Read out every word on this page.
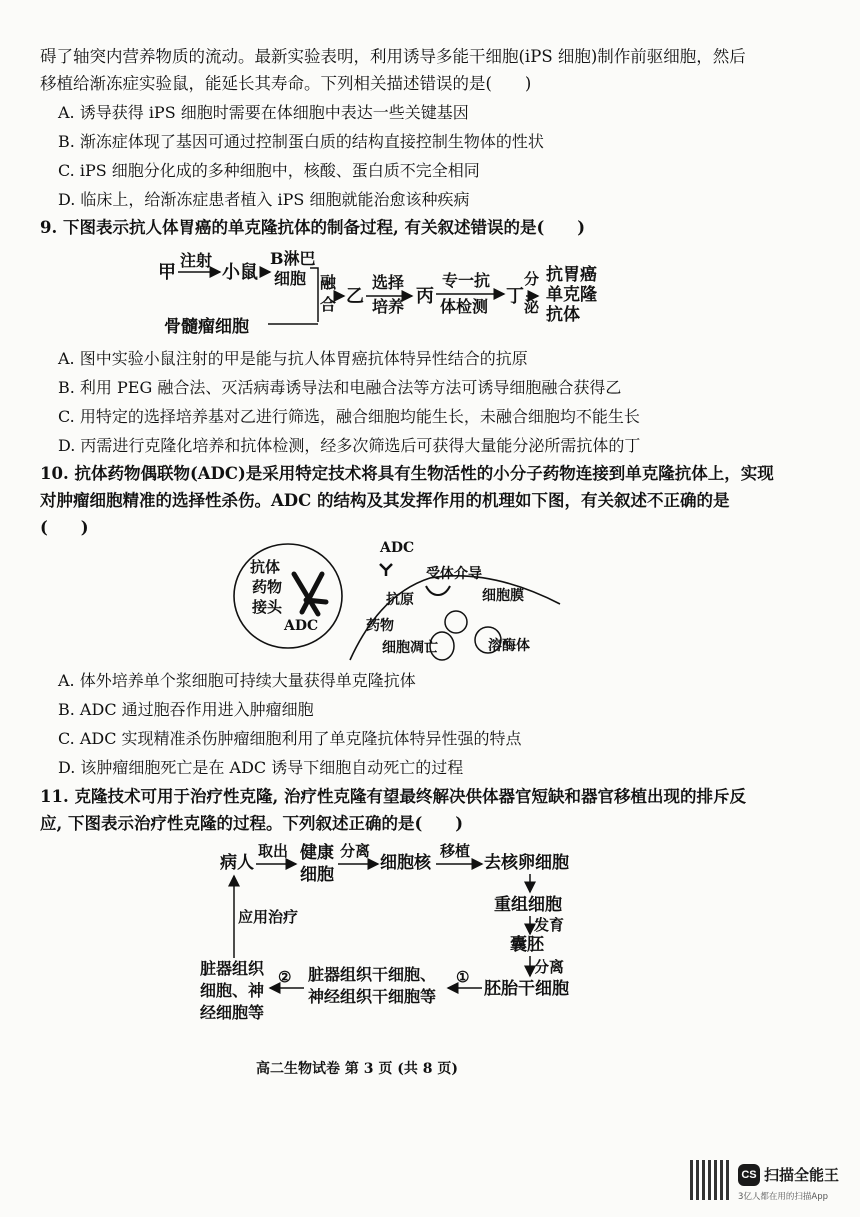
碍了轴突内营养物质的流动。最新实验表明，利用诱导多能干细胞(iPS 细胞)制作前驱细胞，然后
移植给渐冻症实验鼠，能延长其寿命。下列相关描述错误的是(　　)
A. 诱导获得 iPS 细胞时需要在体细胞中表达一些关键基因
B. 渐冻症体现了基因可通过控制蛋白质的结构直接控制生物体的性状
C. iPS 细胞分化成的多种细胞中，核酸、蛋白质不完全相同
D. 临床上，给渐冻症患者植入 iPS 细胞就能治愈该种疾病
9. 下图表示抗人体胃癌的单克隆抗体的制备过程, 有关叙述错误的是(　　)
甲
注射
小鼠
B淋巴
细胞 融
合 乙
选择
培养 丙
专一抗
体检测 丁
分
泌
抗胃癌
单克隆
抗体
骨髓瘤细胞
A. 图中实验小鼠注射的甲是能与抗人体胃癌抗体特异性结合的抗原
B. 利用 PEG 融合法、灭活病毒诱导法和电融合法等方法可诱导细胞融合获得乙
C. 用特定的选择培养基对乙进行筛选，融合细胞均能生长，未融合细胞均不能生长
D. 丙需进行克隆化培养和抗体检测，经多次筛选后可获得大量能分泌所需抗体的丁
10. 抗体药物偶联物(ADC)是采用特定技术将具有生物活性的小分子药物连接到单克隆抗体上，实现
对肿瘤细胞精准的选择性杀伤。ADC 的结构及其发挥作用的机理如下图，有关叙述不正确的是
(　　)
抗体
药物
接头
ADC
ADC
受体介导
细胞膜
抗原
药物
细胞凋亡	溶酶体
A. 体外培养单个浆细胞可持续大量获得单克隆抗体
B. ADC 通过胞吞作用进入肿瘤细胞
C. ADC 实现精准杀伤肿瘤细胞利用了单克隆抗体特异性强的特点
D. 该肿瘤细胞死亡是在 ADC 诱导下细胞自动死亡的过程
11. 克隆技术可用于治疗性克隆, 治疗性克隆有望最终解决供体器官短缺和器官移植出现的排斥反
应, 下图表示治疗性克隆的过程。下列叙述正确的是(　　)
病人
取出 健康
细胞
分离
细胞核
移植
去核卵细胞
重组细胞
发育
囊胚
分离
胚胎干细胞
①
脏器组织干细胞、
神经组织干细胞等
②
脏器组织
细胞、神
经细胞等
应用治疗
高二生物试卷 第 3 页 (共 8 页)
CS 扫描全能王
3亿人都在用的扫描App
